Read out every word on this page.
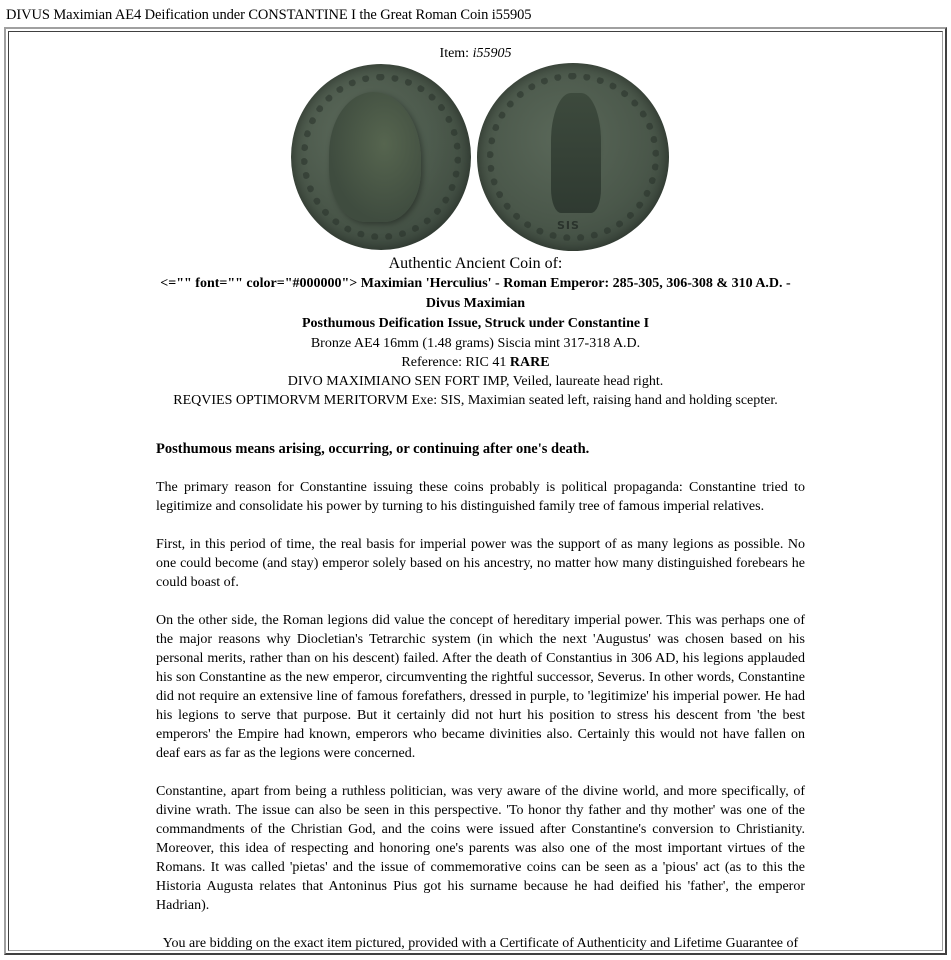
DIVUS Maximian AE4 Deification under CONSTANTINE I the Great Roman Coin i55905
Item: i55905
SIS
Authentic Ancient Coin of:
<="" font="" color="#000000"> Maximian 'Herculius' - Roman Emperor: 285-305, 306-308 & 310 A.D. -
Divus Maximian
Posthumous Deification Issue, Struck under Constantine I
Bronze AE4 16mm (1.48 grams) Siscia mint 317-318 A.D.
Reference: RIC 41 RARE
DIVO MAXIMIANO SEN FORT IMP, Veiled, laureate head right.
REQVIES OPTIMORVM MERITORVM Exe: SIS, Maximian seated left, raising hand and holding scepter.

Posthumous means arising, occurring, or continuing after one's death.

The primary reason for Constantine issuing these coins probably is political propaganda: Constantine tried to legitimize and consolidate his power by turning to his distinguished family tree of famous imperial relatives.

First, in this period of time, the real basis for imperial power was the support of as many legions as possible. No one could become (and stay) emperor solely based on his ancestry, no matter how many distinguished forebears he could boast of.

On the other side, the Roman legions did value the concept of hereditary imperial power. This was perhaps one of the major reasons why Diocletian's Tetrarchic system (in which the next 'Augustus' was chosen based on his personal merits, rather than on his descent) failed. After the death of Constantius in 306 AD, his legions applauded his son Constantine as the new emperor, circumventing the rightful successor, Severus. In other words, Constantine did not require an extensive line of famous forefathers, dressed in purple, to 'legitimize' his imperial power. He had his legions to serve that purpose. But it certainly did not hurt his position to stress his descent from 'the best emperors' the Empire had known, emperors who became divinities also. Certainly this would not have fallen on deaf ears as far as the legions were concerned.

Constantine, apart from being a ruthless politician, was very aware of the divine world, and more specifically, of divine wrath. The issue can also be seen in this perspective. 'To honor thy father and thy mother' was one of the commandments of the Christian God, and the coins were issued after Constantine's conversion to Christianity. Moreover, this idea of respecting and honoring one's parents was also one of the most important virtues of the Romans. It was called 'pietas' and the issue of commemorative coins can be seen as a 'pious' act (as to this the Historia Augusta relates that Antoninus Pius got his surname because he had deified his 'father', the emperor Hadrian).

You are bidding on the exact item pictured, provided with a Certificate of Authenticity and Lifetime Guarantee of
